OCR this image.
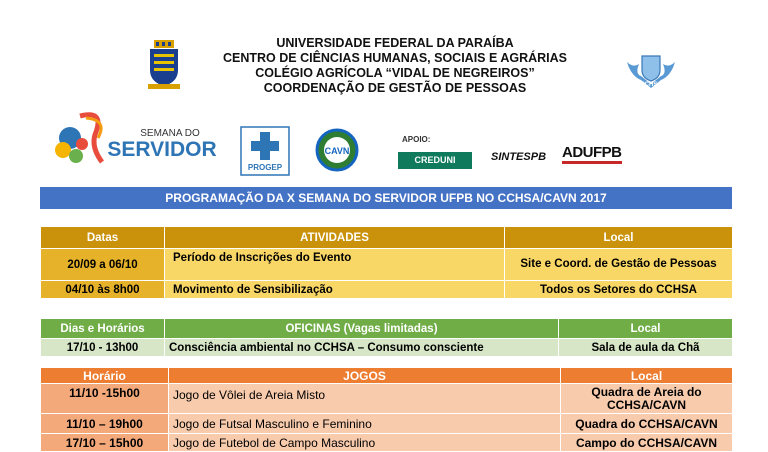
UNIVERSIDADE FEDERAL DA PARAÍBA
CENTRO DE CIÊNCIAS HUMANAS, SOCIAIS E AGRÁRIAS
COLÉGIO AGRÍCOLA “VIDAL DE NEGREIROS”
COORDENAÇÃO DE GESTÃO DE PESSOAS	CCHSA
SEMANA DO
SERVIDOR
PROGEP
CAVN
APOIO:
CREDUNI	SINTESPB ADUFPB
PROGRAMAÇÃO DA X SEMANA DO SERVIDOR UFPB NO CCHSA/CAVN 2017
Datas	ATIVIDADES	Local
20/09 a 06/10	Período de Inscrições do Evento	Site e Coord. de Gestão de Pessoas
04/10 às 8h00	Movimento de Sensibilização	Todos os Setores do CCHSA
Dias e Horários	OFICINAS (Vagas limitadas)	Local
17/10 - 13h00	Consciência ambiental no CCHSA – Consumo consciente	Sala de aula da Chã
Horário	JOGOS	Local
11/10 -15h00	Jogo de Vôlei de Areia Misto	Quadra de Areia do CCHSA/CAVN
11/10 – 19h00	Jogo de Futsal Masculino e Feminino	Quadra do CCHSA/CAVN
17/10 – 15h00	Jogo de Futebol de Campo Masculino	Campo do CCHSA/CAVN
